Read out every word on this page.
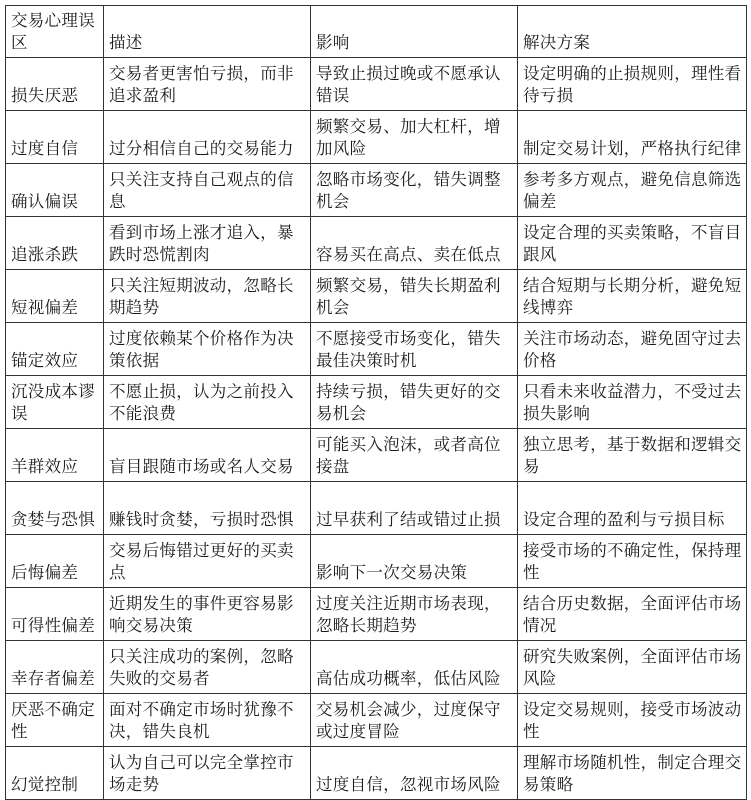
交易心理误区	描述	影响	解决方案
损失厌恶	交易者更害怕亏损，而非追求盈利	导致止损过晚或不愿承认错误	设定明确的止损规则，理性看待亏损
过度自信	过分相信自己的交易能力	频繁交易、加大杠杆，增加风险	制定交易计划，严格执行纪律
确认偏误	只关注支持自己观点的信息	忽略市场变化，错失调整机会	参考多方观点，避免信息筛选偏差
追涨杀跌	看到市场上涨才追入，暴跌时恐慌割肉	容易买在高点、卖在低点	设定合理的买卖策略，不盲目跟风
短视偏差	只关注短期波动，忽略长期趋势	频繁交易，错失长期盈利机会	结合短期与长期分析，避免短线博弈
锚定效应	过度依赖某个价格作为决策依据	不愿接受市场变化，错失最佳决策时机	关注市场动态，避免固守过去价格
沉没成本谬误	不愿止损，认为之前投入不能浪费	持续亏损，错失更好的交易机会	只看未来收益潜力，不受过去损失影响
羊群效应	盲目跟随市场或名人交易	可能买入泡沫，或者高位接盘	独立思考，基于数据和逻辑交易
贪婪与恐惧	赚钱时贪婪，亏损时恐惧	过早获利了结或错过止损	设定合理的盈利与亏损目标
后悔偏差	交易后悔错过更好的买卖点	影响下一次交易决策	接受市场的不确定性，保持理性
可得性偏差	近期发生的事件更容易影响交易决策	过度关注近期市场表现，忽略长期趋势	结合历史数据，全面评估市场情况
幸存者偏差	只关注成功的案例，忽略失败的交易者	高估成功概率，低估风险	研究失败案例，全面评估市场风险
厌恶不确定性	面对不确定市场时犹豫不决，错失良机	交易机会减少，过度保守或过度冒险	设定交易规则，接受市场波动性
幻觉控制	认为自己可以完全掌控市场走势	过度自信，忽视市场风险	理解市场随机性，制定合理交易策略
